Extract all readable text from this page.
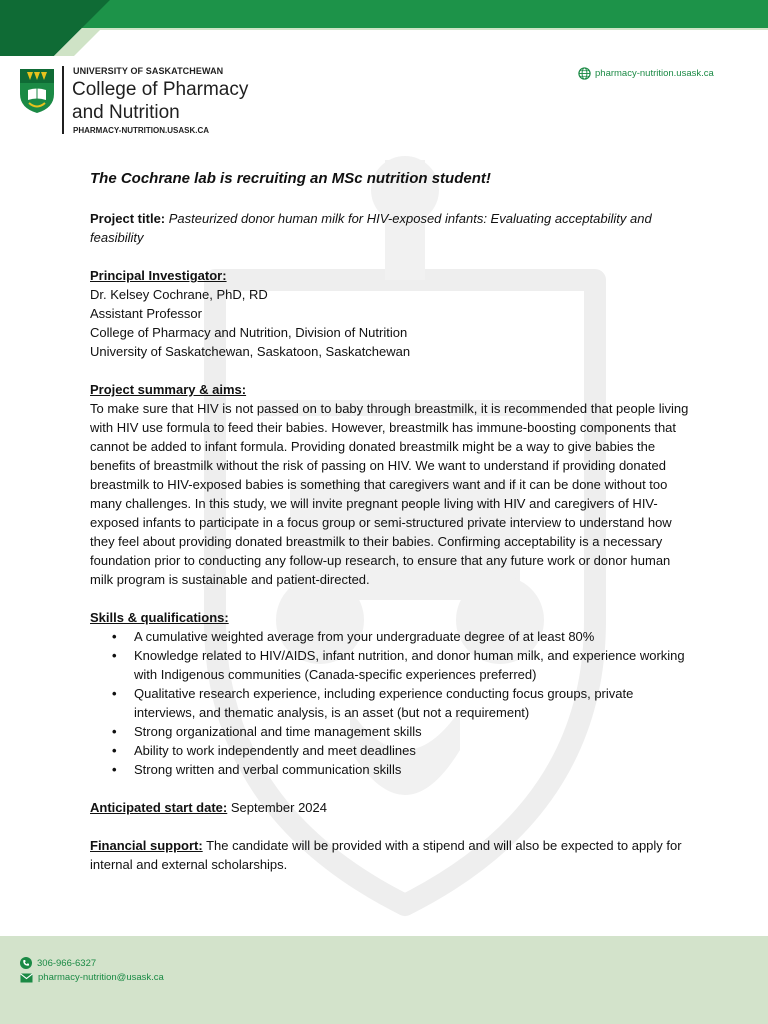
UNIVERSITY OF SASKATCHEWAN
College of Pharmacy and Nutrition
PHARMACY-NUTRITION.USASK.CA
pharmacy-nutrition.usask.ca

The Cochrane lab is recruiting an MSc nutrition student!

Project title: Pasteurized donor human milk for HIV-exposed infants: Evaluating acceptability and feasibility

Principal Investigator:

Dr. Kelsey Cochrane, PhD, RD

Assistant Professor

College of Pharmacy and Nutrition, Division of Nutrition

University of Saskatchewan, Saskatoon, Saskatchewan

Project summary & aims:

To make sure that HIV is not passed on to baby through breastmilk, it is recommended that people living with HIV use formula to feed their babies. However, breastmilk has immune-boosting components that cannot be added to infant formula. Providing donated breastmilk might be a way to give babies the benefits of breastmilk without the risk of passing on HIV. We want to understand if providing donated breastmilk to HIV-exposed babies is something that caregivers want and if it can be done without too many challenges. In this study, we will invite pregnant people living with HIV and caregivers of HIV-exposed infants to participate in a focus group or semi-structured private interview to understand how they feel about providing donated breastmilk to their babies. Confirming acceptability is a necessary foundation prior to conducting any follow-up research, to ensure that any future work or donor human milk program is sustainable and patient-directed.

Skills & qualifications:

• A cumulative weighted average from your undergraduate degree of at least 80%
• Knowledge related to HIV/AIDS, infant nutrition, and donor human milk, and experience working with Indigenous communities (Canada-specific experiences preferred)
• Qualitative research experience, including experience conducting focus groups, private interviews, and thematic analysis, is an asset (but not a requirement)
• Strong organizational and time management skills
• Ability to work independently and meet deadlines
• Strong written and verbal communication skills

Anticipated start date: September 2024

Financial support: The candidate will be provided with a stipend and will also be expected to apply for internal and external scholarships.

306-966-6327
pharmacy-nutrition@usask.ca
